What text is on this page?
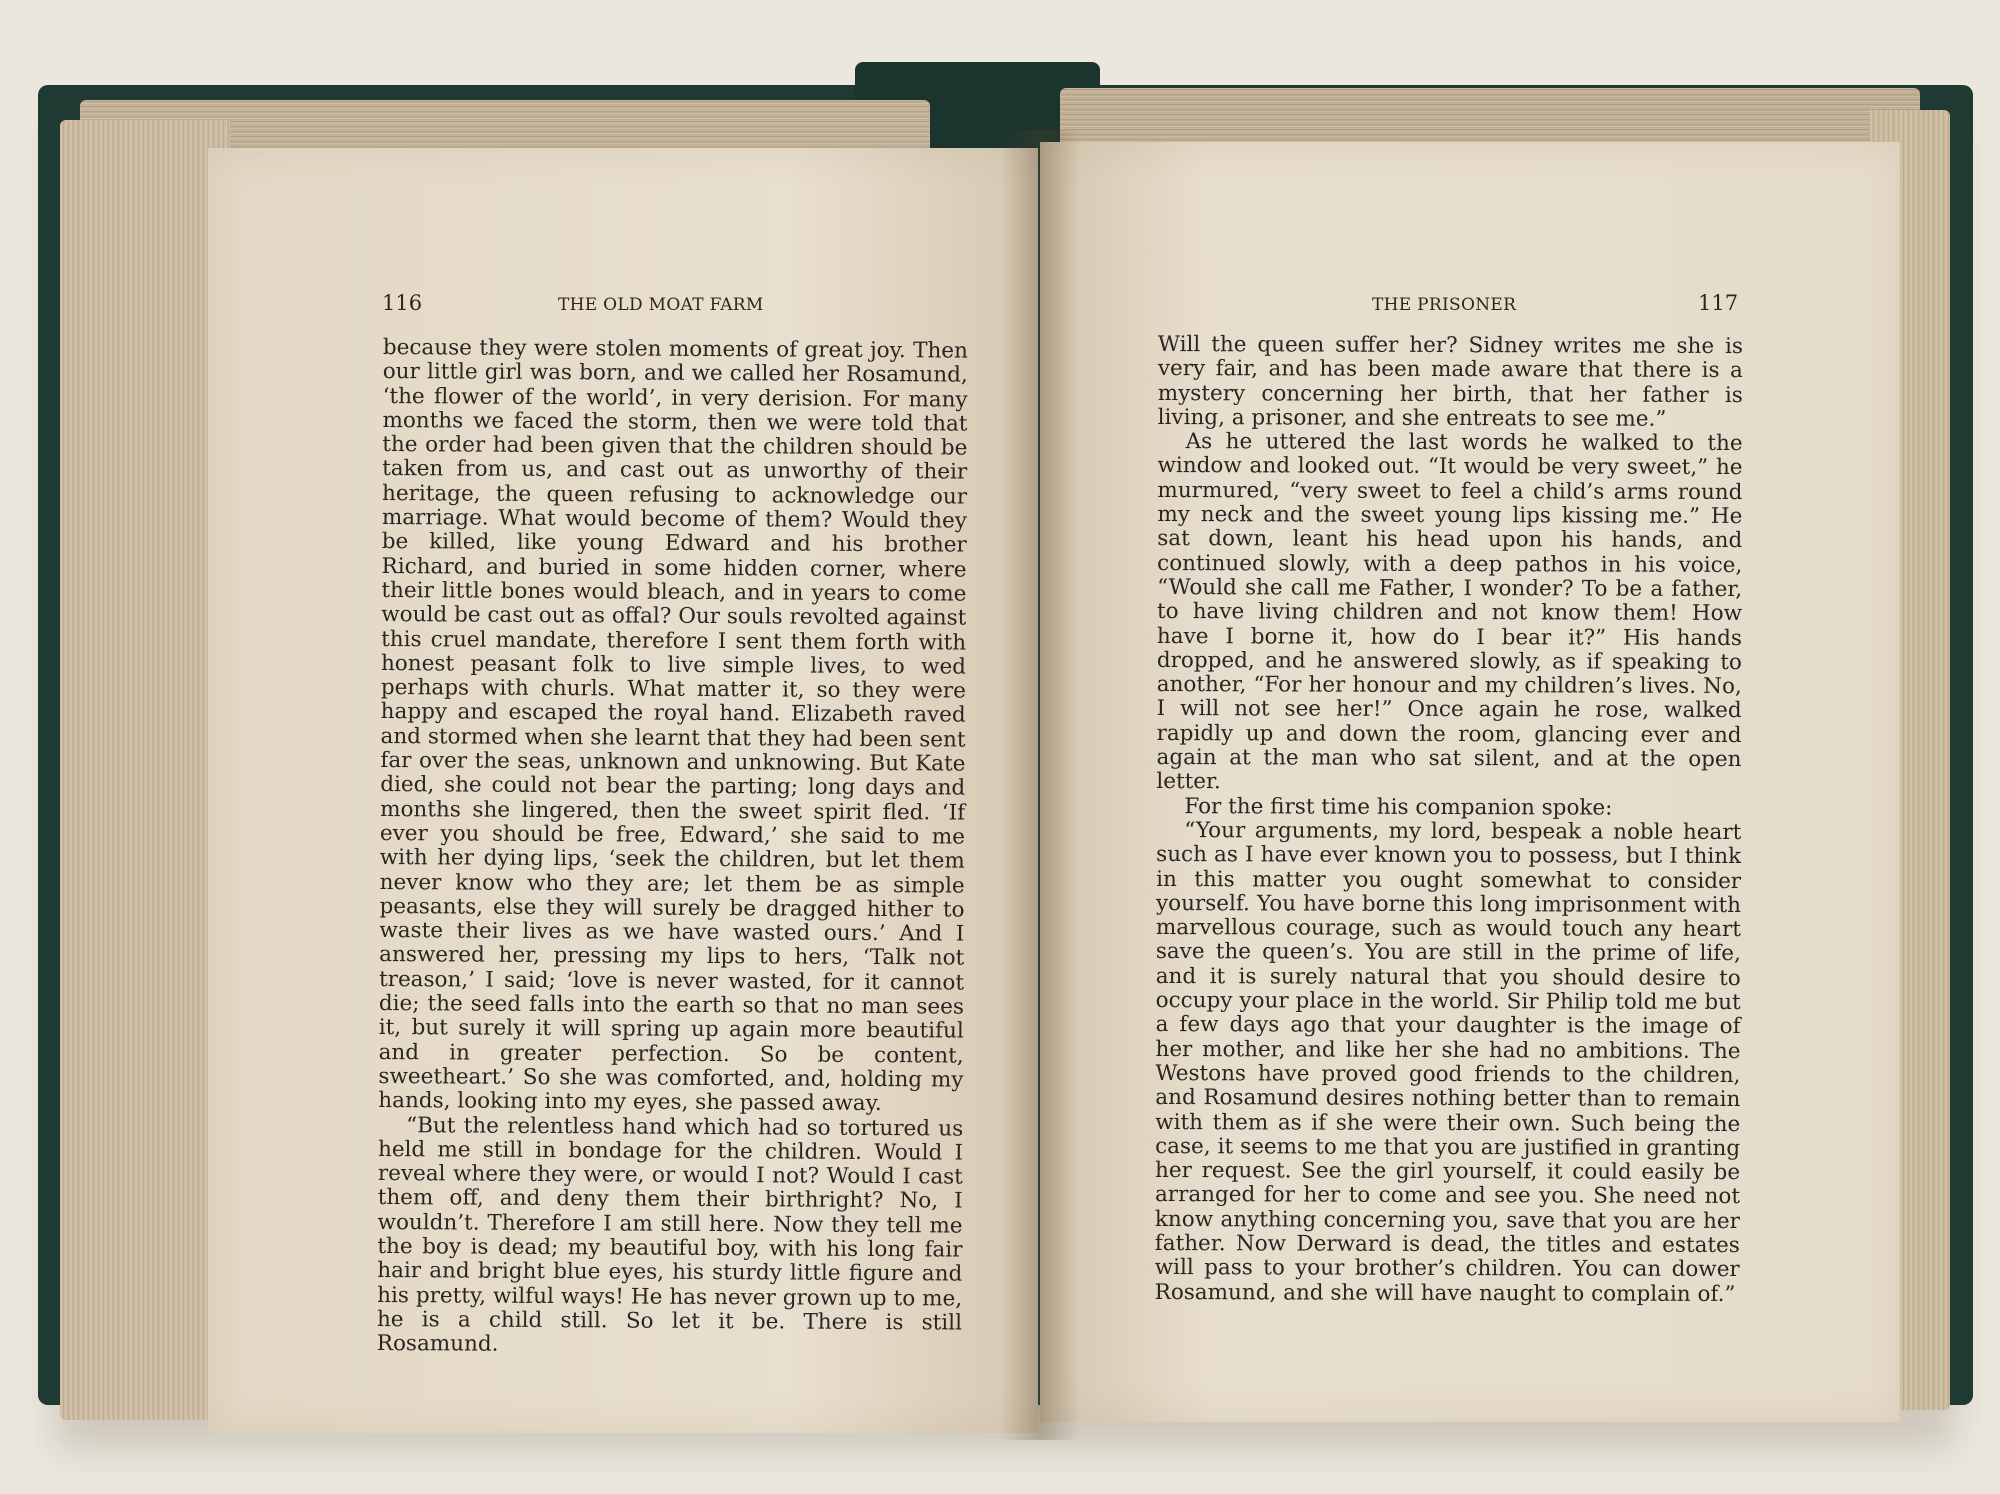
116	THE OLD MOAT FARM

because they were stolen moments of great joy. Then our little girl was born, and we called her Rosamund, ‘the flower of the world’, in very derision. For many months we faced the storm, then we were told that the order had been given that the children should be taken from us, and cast out as unworthy of their heritage, the queen refusing to acknowledge our marriage. What would become of them? Would they be killed, like young Edward and his brother Richard, and buried in some hidden corner, where their little bones would bleach, and in years to come would be cast out as offal? Our souls revolted against this cruel mandate, therefore I sent them forth with honest peasant folk to live simple lives, to wed perhaps with churls. What matter it, so they were happy and escaped the royal hand. Elizabeth raved and stormed when she learnt that they had been sent far over the seas, unknown and unknowing. But Kate died, she could not bear the parting; long days and months she lingered, then the sweet spirit fled. ‘If ever you should be free, Edward,’ she said to me with her dying lips, ‘seek the children, but let them never know who they are; let them be as simple peasants, else they will surely be dragged hither to waste their lives as we have wasted ours.’ And I answered her, pressing my lips to hers, ‘Talk not treason,’ I said; ‘love is never wasted, for it cannot die; the seed falls into the earth so that no man sees it, but surely it will spring up again more beautiful and in greater perfection. So be content, sweetheart.’ So she was comforted, and, holding my hands, looking into my eyes, she passed away.

“But the relentless hand which had so tortured us held me still in bondage for the children. Would I reveal where they were, or would I not? Would I cast them off, and deny them their birthright? No, I wouldn’t. Therefore I am still here. Now they tell me the boy is dead; my beautiful boy, with his long fair hair and bright blue eyes, his sturdy little figure and his pretty, wilful ways! He has never grown up to me, he is a child still. So let it be. There is still Rosamund.

THE PRISONER	117

Will the queen suffer her? Sidney writes me she is very fair, and has been made aware that there is a mystery concerning her birth, that her father is living, a prisoner, and she entreats to see me.”

As he uttered the last words he walked to the window and looked out. “It would be very sweet,” he murmured, “very sweet to feel a child’s arms round my neck and the sweet young lips kissing me.” He sat down, leant his head upon his hands, and continued slowly, with a deep pathos in his voice, “Would she call me Father, I wonder? To be a father, to have living children and not know them! How have I borne it, how do I bear it?” His hands dropped, and he answered slowly, as if speaking to another, “For her honour and my children’s lives. No, I will not see her!” Once again he rose, walked rapidly up and down the room, glancing ever and again at the man who sat silent, and at the open letter.

For the first time his companion spoke:

“Your arguments, my lord, bespeak a noble heart such as I have ever known you to possess, but I think in this matter you ought somewhat to consider yourself. You have borne this long imprisonment with marvellous courage, such as would touch any heart save the queen’s. You are still in the prime of life, and it is surely natural that you should desire to occupy your place in the world. Sir Philip told me but a few days ago that your daughter is the image of her mother, and like her she had no ambitions. The Westons have proved good friends to the children, and Rosamund desires nothing better than to remain with them as if she were their own. Such being the case, it seems to me that you are justified in granting her request. See the girl yourself, it could easily be arranged for her to come and see you. She need not know anything concerning you, save that you are her father. Now Derward is dead, the titles and estates will pass to your brother’s children. You can dower Rosamund, and she will have naught to complain of.”
